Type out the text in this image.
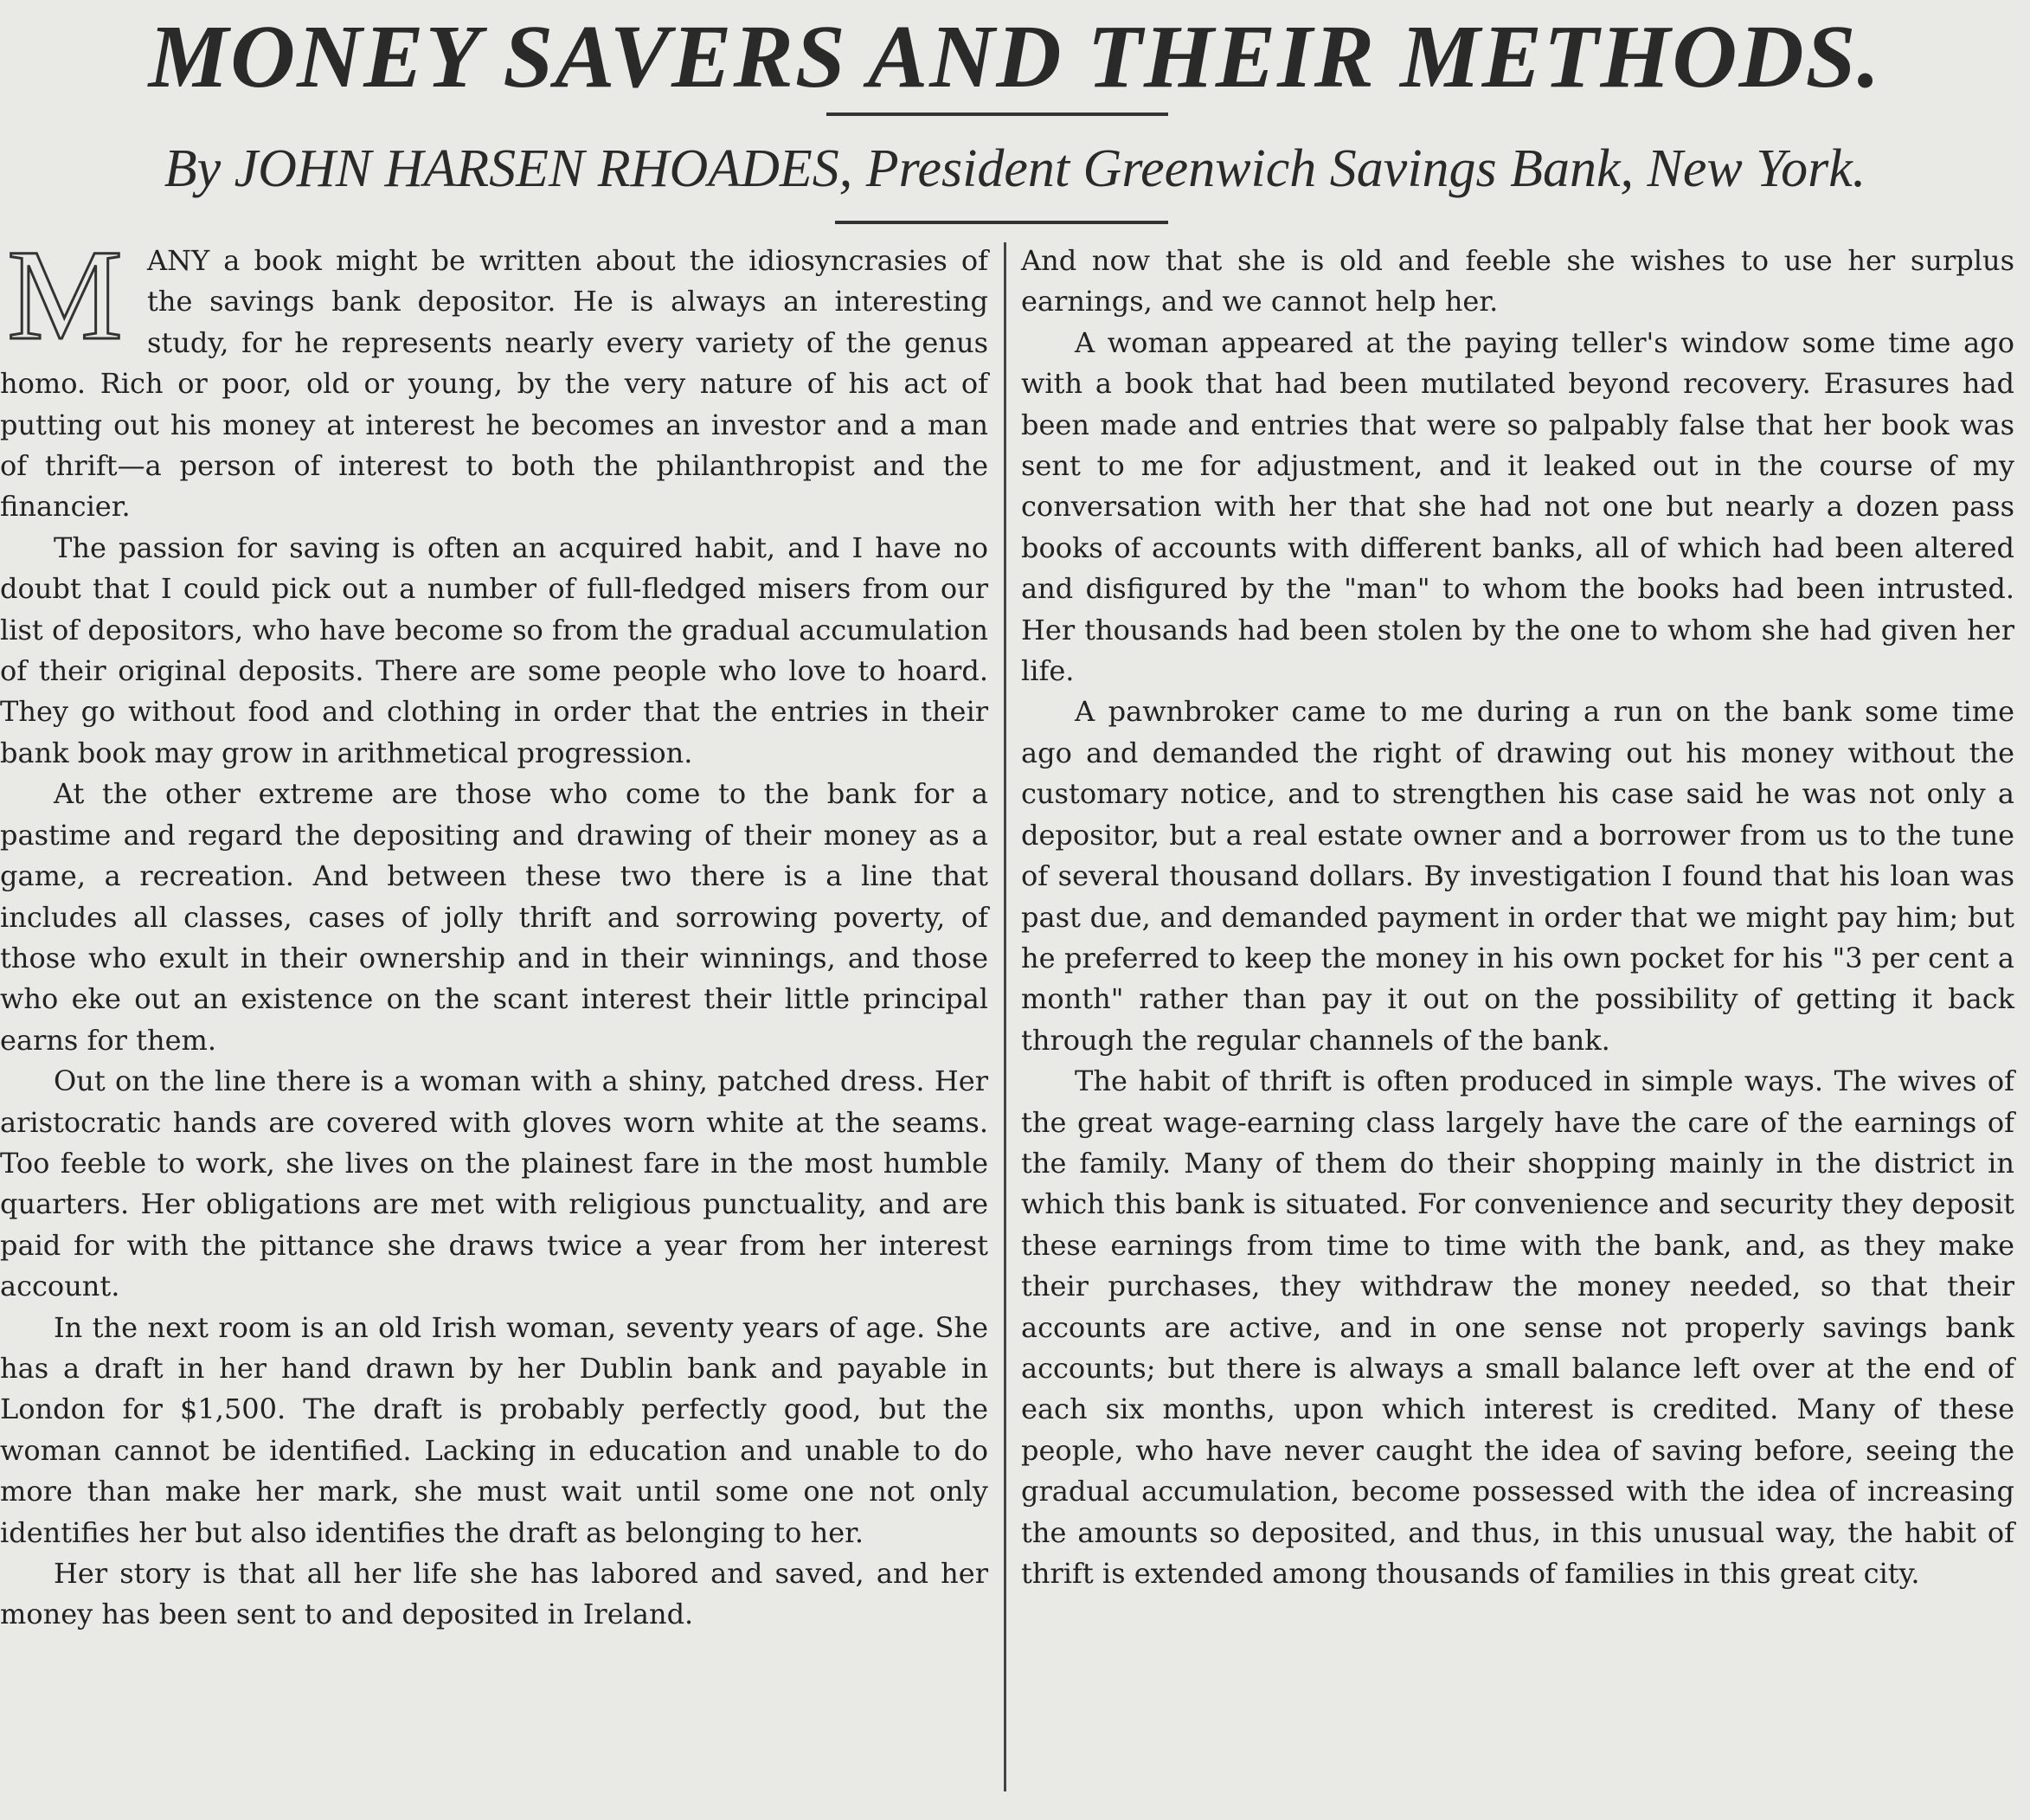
MONEY SAVERS AND THEIR METHODS.
By JOHN HARSEN RHOADES, President Greenwich Savings Bank, New York.

MANY a book might be written about the idiosyncrasies of the savings bank depositor. He is always an interesting study, for he represents nearly every variety of the genus homo. Rich or poor, old or young, by the very nature of his act of putting out his money at interest he becomes an investor and a man of thrift—a person of interest to both the philanthropist and the financier.

The passion for saving is often an acquired habit, and I have no doubt that I could pick out a number of full-fledged misers from our list of depositors, who have become so from the gradual accumulation of their original deposits. There are some people who love to hoard. They go without food and clothing in order that the entries in their bank book may grow in arithmetical progression.

At the other extreme are those who come to the bank for a pastime and regard the depositing and drawing of their money as a game, a recreation. And between these two there is a line that includes all classes, cases of jolly thrift and sorrowing poverty, of those who exult in their ownership and in their winnings, and those who eke out an existence on the scant interest their little principal earns for them.

Out on the line there is a woman with a shiny, patched dress. Her aristocratic hands are covered with gloves worn white at the seams. Too feeble to work, she lives on the plainest fare in the most humble quarters. Her obligations are met with religious punctuality, and are paid for with the pittance she draws twice a year from her interest account.

In the next room is an old Irish woman, seventy years of age. She has a draft in her hand drawn by her Dublin bank and payable in London for $1,500. The draft is probably perfectly good, but the woman cannot be identified. Lacking in education and unable to do more than make her mark, she must wait until some one not only identifies her but also identifies the draft as belonging to her.

Her story is that all her life she has labored and saved, and her money has been sent to and deposited in Ireland.

And now that she is old and feeble she wishes to use her surplus earnings, and we cannot help her.

A woman appeared at the paying teller's window some time ago with a book that had been mutilated beyond recovery. Erasures had been made and entries that were so palpably false that her book was sent to me for adjustment, and it leaked out in the course of my conversation with her that she had not one but nearly a dozen pass books of accounts with different banks, all of which had been altered and disfigured by the "man" to whom the books had been intrusted. Her thousands had been stolen by the one to whom she had given her life.

A pawnbroker came to me during a run on the bank some time ago and demanded the right of drawing out his money without the customary notice, and to strengthen his case said he was not only a depositor, but a real estate owner and a borrower from us to the tune of several thousand dollars. By investigation I found that his loan was past due, and demanded payment in order that we might pay him; but he preferred to keep the money in his own pocket for his "3 per cent a month" rather than pay it out on the possibility of getting it back through the regular channels of the bank.

The habit of thrift is often produced in simple ways. The wives of the great wage-earning class largely have the care of the earnings of the family. Many of them do their shopping mainly in the district in which this bank is situated. For convenience and security they deposit these earnings from time to time with the bank, and, as they make their purchases, they withdraw the money needed, so that their accounts are active, and in one sense not properly savings bank accounts; but there is always a small balance left over at the end of each six months, upon which interest is credited. Many of these people, who have never caught the idea of saving before, seeing the gradual accumulation, become possessed with the idea of increasing the amounts so deposited, and thus, in this unusual way, the habit of thrift is extended among thousands of families in this great city.
